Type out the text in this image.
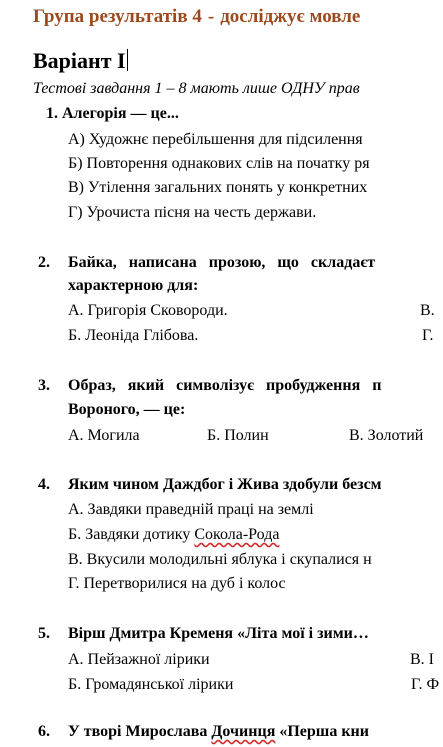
Група результатів 4 - досліджує мовле
Варіант І
Тестові завдання 1 – 8 мають лише ОДНУ прав
1. Алегорія — це...
А) Художнє перебільшення для підсилення
Б) Повторення однакових слів на початку ря
В) Утілення загальних понять у конкретних
Г) Урочиста пісня на честь держави.
2. Байка, написана прозою, що складаєт
характерною для:
А. Григорія Сковороди.	В.
Б. Леоніда Глібова.	Г.
3. Образ, який символізує пробудження п
Вороного, — це:
А. Могила	Б. Полин	В. Золотий
4. Яким чином Даждбог і Жива здобули безсм
А. Завдяки праведній праці на землі
Б. Завдяки дотику Сокола-Рода
В. Вкусили молодильні яблука і скупалися н
Г. Перетворилися на дуб і колос
5. Вірш Дмитра Кременя «Літа мої і зими…
А. Пейзажної лірики	В. І
Б. Громадянської лірики	Г. Ф
6. У творі Мирослава Дочинця «Перша кни
